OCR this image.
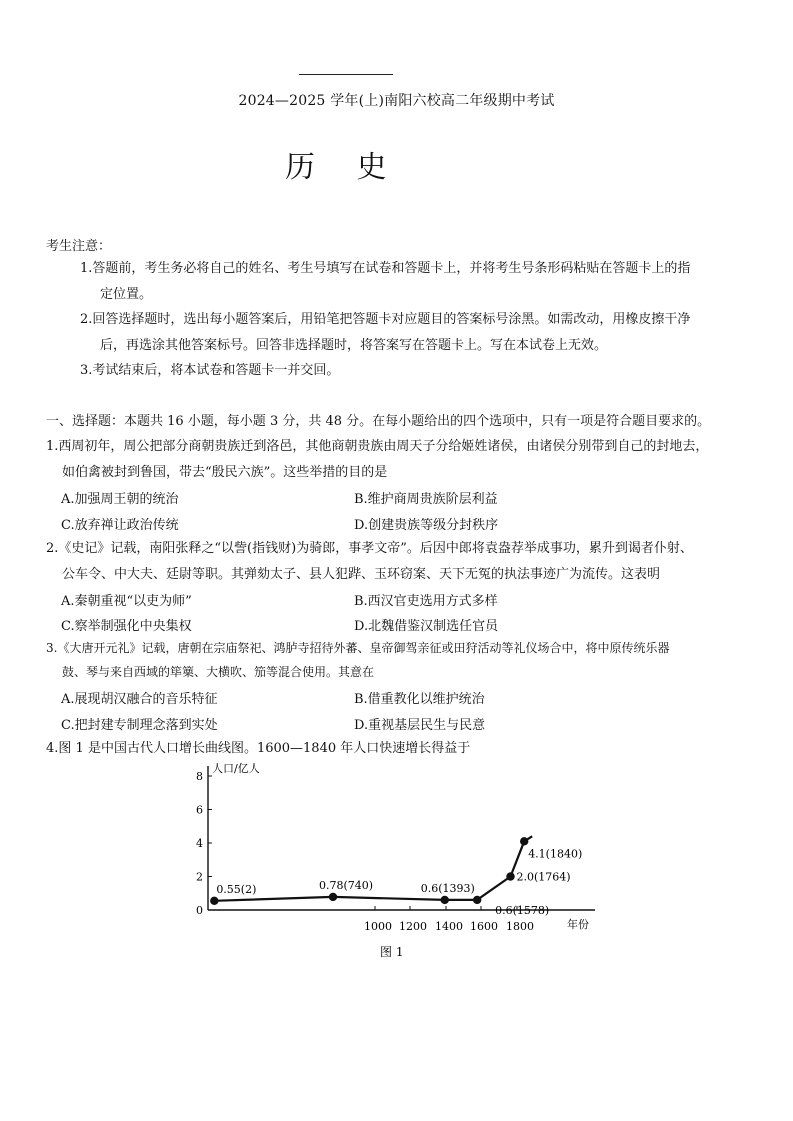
2024—2025 学年(上)南阳六校高二年级期中考试
历 史
考生注意：
1.答题前，考生务必将自己的姓名、考生号填写在试卷和答题卡上，并将考生号条形码粘贴在答题卡上的指
定位置。
2.回答选择题时，选出每小题答案后，用铅笔把答题卡对应题目的答案标号涂黑。如需改动，用橡皮擦干净
后，再选涂其他答案标号。回答非选择题时，将答案写在答题卡上。写在本试卷上无效。
3.考试结束后，将本试卷和答题卡一并交回。
一、选择题：本题共 16 小题，每小题 3 分，共 48 分。在每小题给出的四个选项中，只有一项是符合题目要求的。
1.西周初年，周公把部分商朝贵族迁到洛邑，其他商朝贵族由周天子分给姬姓诸侯，由诸侯分别带到自己的封地去，
如伯禽被封到鲁国，带去“殷民六族”。这些举措的目的是
A.加强周王朝的统治	B.维护商周贵族阶层利益
C.放弃禅让政治传统	D.创建贵族等级分封秩序
2.《史记》记载，南阳张释之“以訾(指钱财)为骑郎，事孝文帝”。后因中郎将袁盎荐举成事功，累升到谒者仆射、
公车令、中大夫、廷尉等职。其弹劾太子、县人犯跸、玉环窃案、天下无冤的执法事迹广为流传。这表明
A.秦朝重视“以吏为师”	B.西汉官吏选用方式多样
C.察举制强化中央集权	D.北魏借鉴汉制选任官员
3.《大唐开元礼》记载，唐朝在宗庙祭祀、鸿胪寺招待外蕃、皇帝御驾亲征或田狩活动等礼仪场合中，将中原传统乐器
鼓、琴与来自西域的筚篥、大横吹、笳等混合使用。其意在
A.展现胡汉融合的音乐特征	B.借重教化以维护统治
C.把封建专制理念落到实处	D.重视基层民生与民意
4.图 1 是中国古代人口增长曲线图。1600—1840 年人口快速增长得益于
8
6
4
2
0
1000 1200 1400 1600 1800
0.55(2)	0.78(740)	0.6(1393)
0.6(1578)
2.0(1764)
4.1(1840)
人口/亿人
年份
图 1
